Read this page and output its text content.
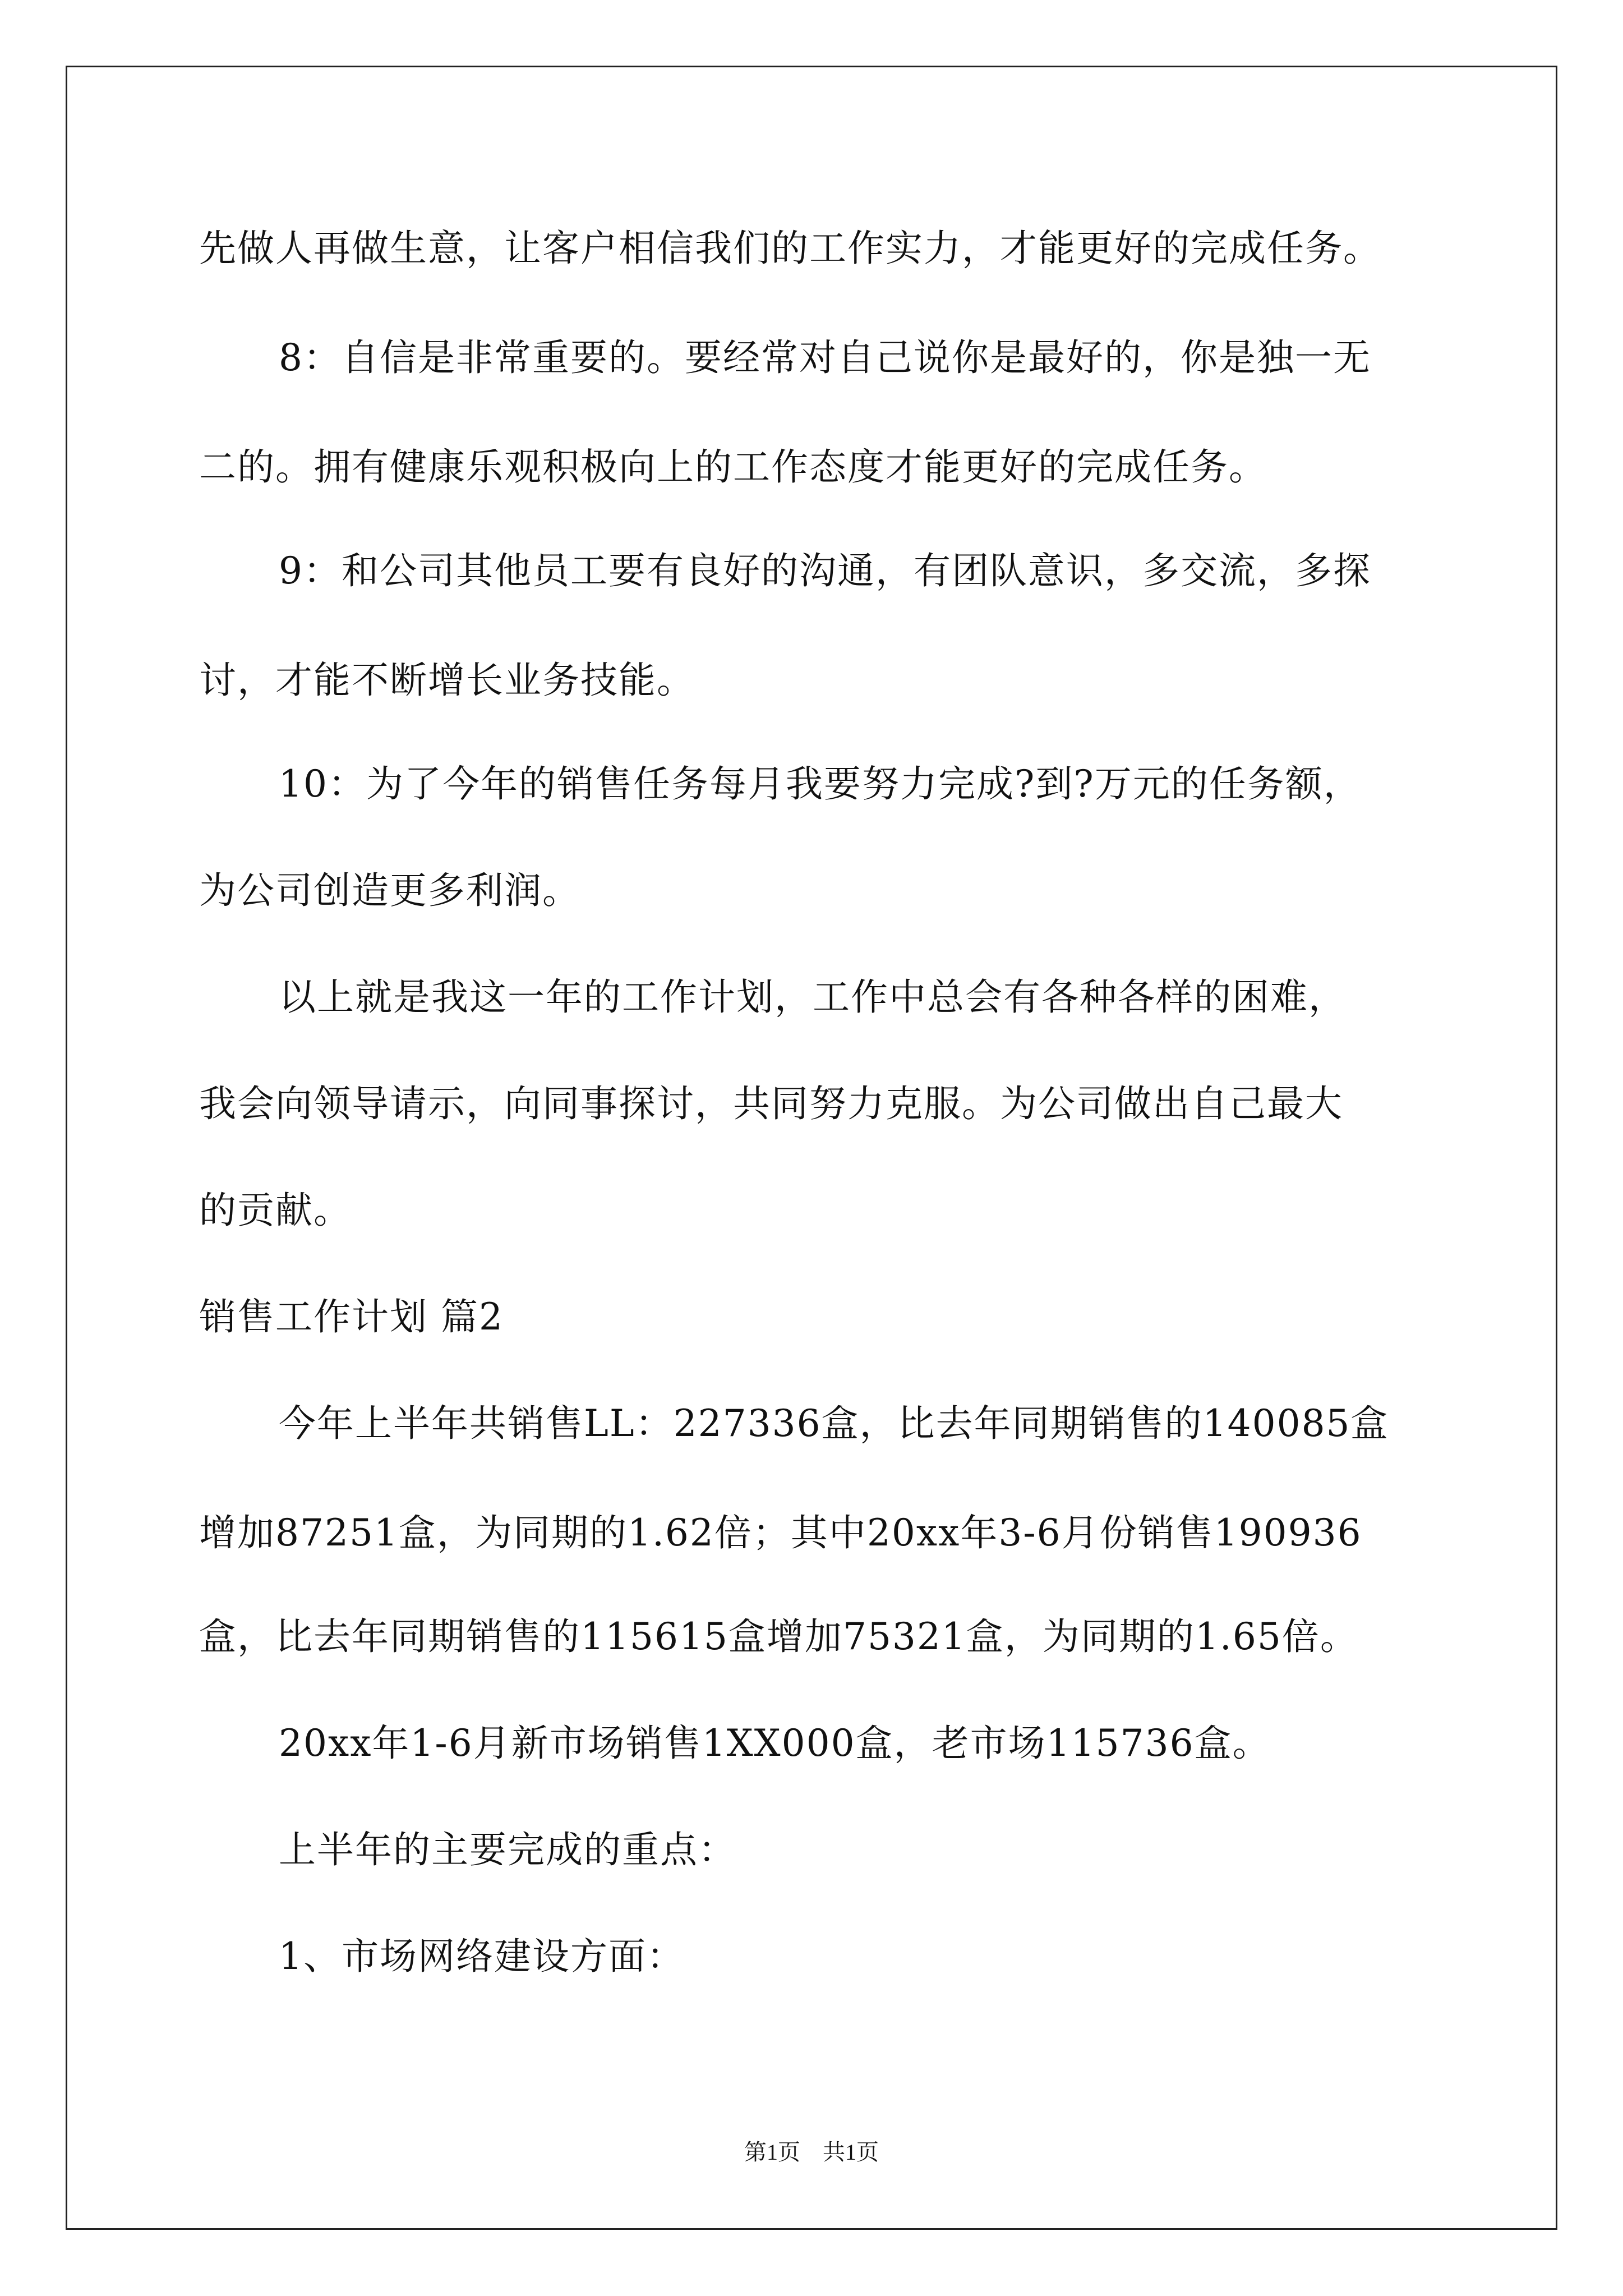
先做人再做生意，让客户相信我们的工作实力，才能更好的完成任务。
8：自信是非常重要的。要经常对自己说你是最好的，你是独一无
二的。拥有健康乐观积极向上的工作态度才能更好的完成任务。
9：和公司其他员工要有良好的沟通，有团队意识，多交流，多探
讨，才能不断增长业务技能。
10：为了今年的销售任务每月我要努力完成?到?万元的任务额，
为公司创造更多利润。
以上就是我这一年的工作计划，工作中总会有各种各样的困难，
我会向领导请示，向同事探讨，共同努力克服。为公司做出自己最大
的贡献。
销售工作计划 篇2
今年上半年共销售LL：227336盒，比去年同期销售的140085盒
增加87251盒，为同期的1.62倍；其中20xx年3-6月份销售190936
盒，比去年同期销售的115615盒增加75321盒，为同期的1.65倍。
20xx年1-6月新市场销售1XX000盒，老市场115736盒。
上半年的主要完成的重点：
1、市场网络建设方面：
第1页　共1页
